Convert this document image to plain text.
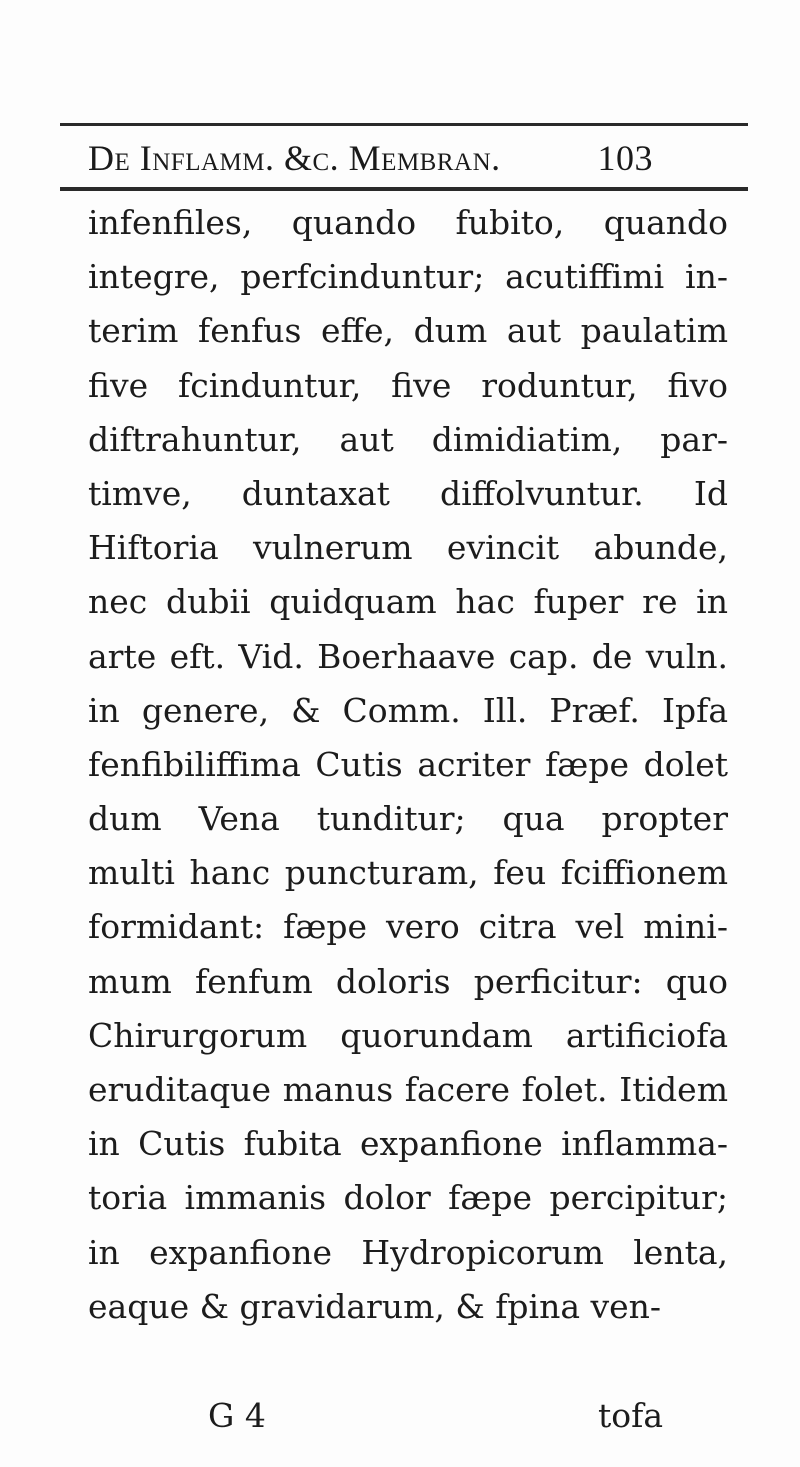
De Inflamm. &c. Membran.	103
infenfiles, quando fubito, quando
integre, perfcinduntur; acutiffimi in-
terim fenfus effe, dum aut paulatim
five fcinduntur, five roduntur, fivo
diftrahuntur, aut dimidiatim, par-
timve, duntaxat diffolvuntur. Id
Hiftoria vulnerum evincit abunde,
nec dubii quidquam hac fuper re in
arte eft. Vid. Boerhaave cap. de vuln.
in genere, & Comm. Ill. Præf. Ipfa
fenfibiliffima Cutis acriter fæpe dolet
dum Vena tunditur; qua propter
multi hanc puncturam, feu fciffionem
formidant: fæpe vero citra vel mini-
mum fenfum doloris perficitur: quo
Chirurgorum quorundam artificiofa
eruditaque manus facere folet. Itidem
in Cutis fubita expanfione inflamma-
toria immanis dolor fæpe percipitur;
in expanfione Hydropicorum lenta,
eaque & gravidarum, & fpina ven-
G 4	tofa
